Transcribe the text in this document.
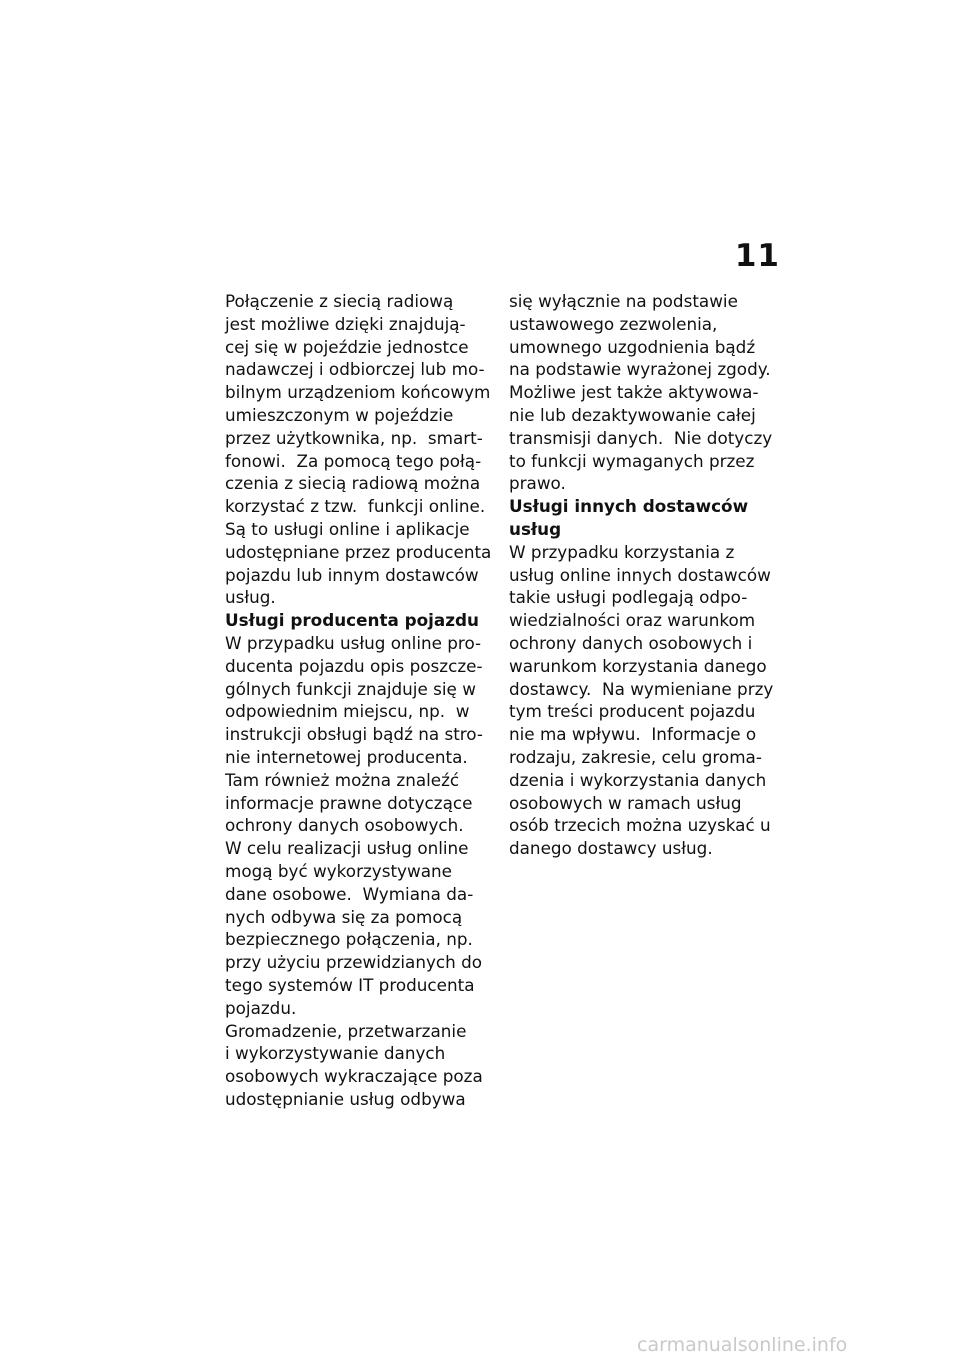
11
Połączenie z siecią radiową
jest możliwe dzięki znajdują-
cej się w pojeździe jednostce
nadawczej i odbiorczej lub mo-
bilnym urządzeniom końcowym
umieszczonym w pojeździe
przez użytkownika, np.  smart-
fonowi.  Za pomocą tego połą-
czenia z siecią radiową można
korzystać z tzw.  funkcji online.
Są to usługi online i aplikacje
udostępniane przez producenta
pojazdu lub innym dostawców
usług.
Usługi producenta pojazdu
W przypadku usług online pro-
ducenta pojazdu opis poszcze-
gólnych funkcji znajduje się w
odpowiednim miejscu, np.  w
instrukcji obsługi bądź na stro-
nie internetowej producenta.
Tam również można znaleźć
informacje prawne dotyczące
ochrony danych osobowych.
W celu realizacji usług online
mogą być wykorzystywane
dane osobowe.  Wymiana da-
nych odbywa się za pomocą
bezpiecznego połączenia, np.
przy użyciu przewidzianych do
tego systemów IT producenta
pojazdu.
Gromadzenie, przetwarzanie
i wykorzystywanie danych
osobowych wykraczające poza
udostępnianie usług odbywa
się wyłącznie na podstawie
ustawowego zezwolenia,
umownego uzgodnienia bądź
na podstawie wyrażonej zgody.
Możliwe jest także aktywowa-
nie lub dezaktywowanie całej
transmisji danych.  Nie dotyczy
to funkcji wymaganych przez
prawo.
Usługi innych dostawców
usług
W przypadku korzystania z
usług online innych dostawców
takie usługi podlegają odpo-
wiedzialności oraz warunkom
ochrony danych osobowych i
warunkom korzystania danego
dostawcy.  Na wymieniane przy
tym treści producent pojazdu
nie ma wpływu.  Informacje o
rodzaju, zakresie, celu groma-
dzenia i wykorzystania danych
osobowych w ramach usług
osób trzecich można uzyskać u
danego dostawcy usług.
carmanualsonline.info
